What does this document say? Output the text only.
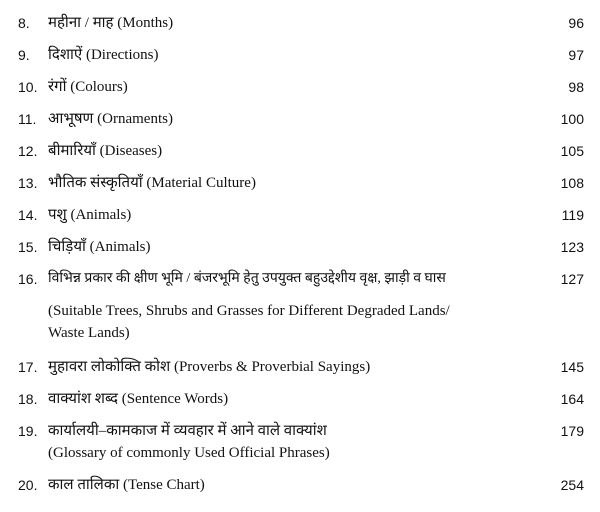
8.	महीना / माह (Months)	96
9.	दिशाऐं (Directions)	97
10. रंगों (Colours)	98
11. आभूषण (Ornaments)	100
12. बीमारियाँ (Diseases)	105
13. भौतिक संस्कृतियाँ (Material Culture)	108
14. पशु (Animals)	119
15. चिड़ियाँ (Animals)	123
16. विभिन्न प्रकार की क्षीण भूमि / बंजरभूमि हेतु उपयुक्त बहुउद्देशीय वृक्ष, झाड़ी व घास	127
(Suitable Trees, Shrubs and Grasses for Different Degraded Lands/
Waste Lands)
17. मुहावरा लोकोक्ति कोश (Proverbs & Proverbial Sayings)	145
18. वाक्यांश शब्द (Sentence Words)	164
19. कार्यालयी–कामकाज में व्यवहार में आने वाले वाक्यांश	179
(Glossary of commonly Used Official Phrases)
20. काल तालिका (Tense Chart)	254
